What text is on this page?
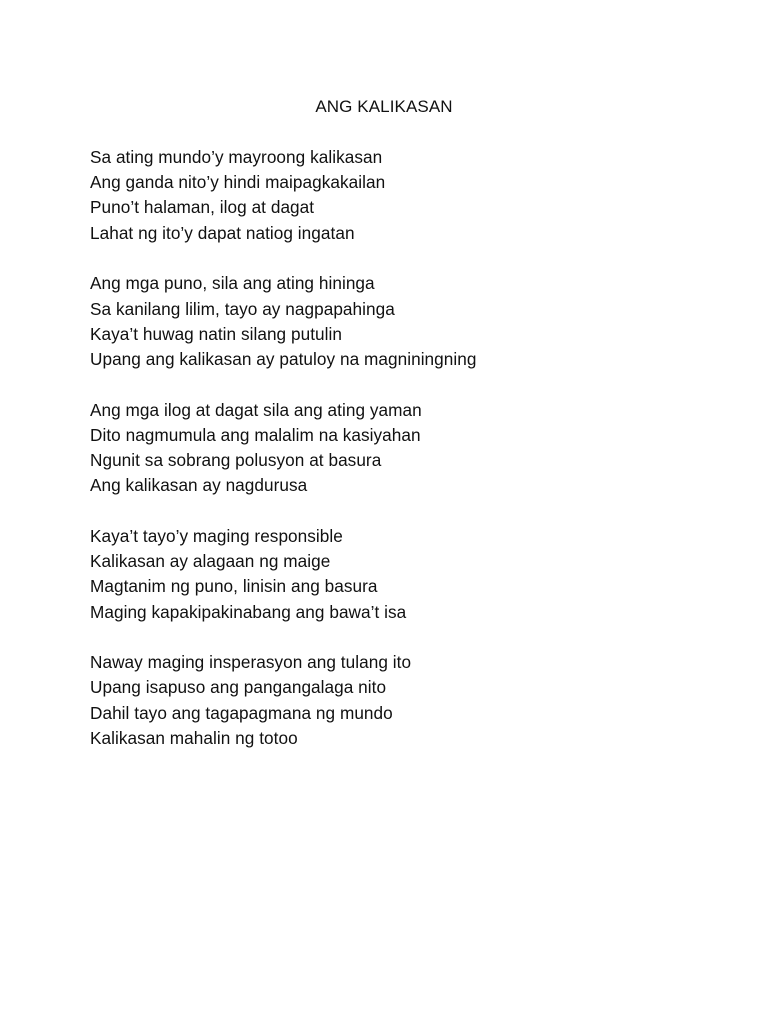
ANG KALIKASAN
Sa ating mundo’y mayroong kalikasan
Ang ganda nito’y hindi maipagkakailan
Puno’t halaman, ilog at dagat
Lahat ng ito’y dapat natiog ingatan
Ang mga puno, sila ang ating hininga
Sa kanilang lilim, tayo ay nagpapahinga
Kaya’t huwag natin silang putulin
Upang ang kalikasan ay patuloy na magniningning
Ang mga ilog at dagat sila ang ating yaman
Dito nagmumula ang malalim na kasiyahan
Ngunit sa sobrang polusyon at basura
Ang kalikasan ay nagdurusa
Kaya’t tayo’y maging responsible
Kalikasan ay alagaan ng maige
Magtanim ng puno, linisin ang basura
Maging kapakipakinabang ang bawa’t isa
Naway maging insperasyon ang tulang ito
Upang isapuso ang pangangalaga nito
Dahil tayo ang tagapagmana ng mundo
Kalikasan mahalin ng totoo
